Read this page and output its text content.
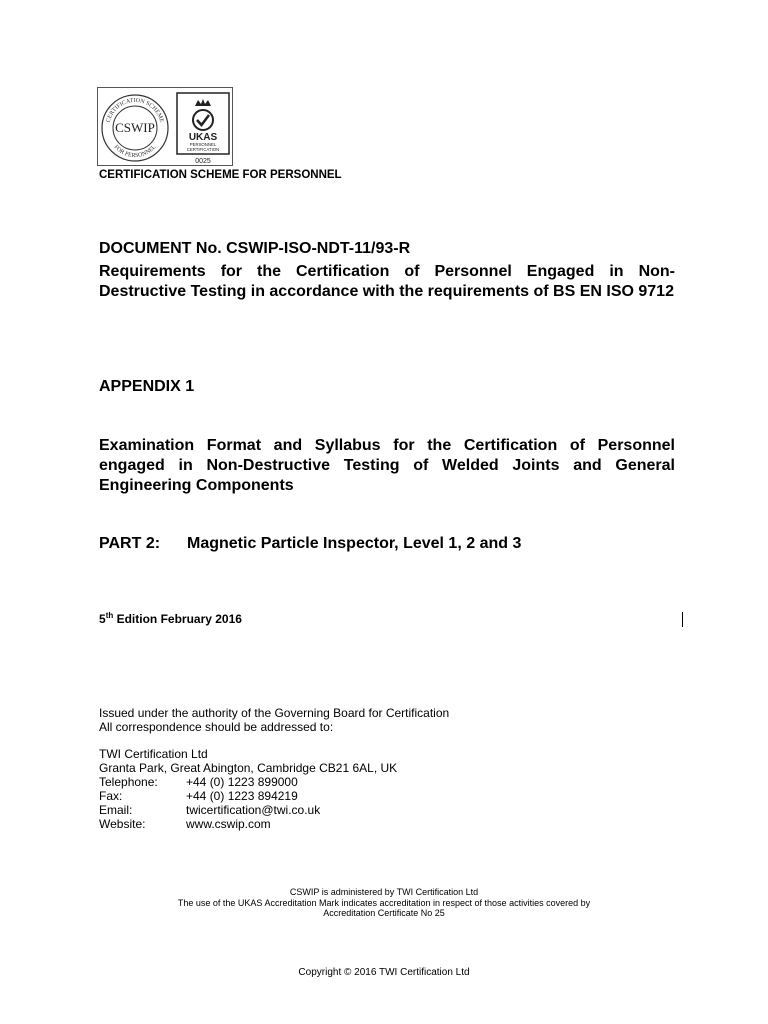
CERTIFICATION SCHEME
FOR PERSONNEL
CSWIP
UKAS
PERSONNEL
CERTIFICATION
0025
CERTIFICATION SCHEME FOR PERSONNEL
DOCUMENT No. CSWIP-ISO-NDT-11/93-R
Requirements for the Certification of Personnel Engaged in Non-Destructive Testing in accordance with the requirements of BS EN ISO 9712
APPENDIX 1
Examination Format and Syllabus for the Certification of Personnel engaged in Non-Destructive Testing of Welded Joints and General Engineering Components
PART 2: Magnetic Particle Inspector, Level 1, 2 and 3
5th Edition February 2016
Issued under the authority of the Governing Board for Certification
All correspondence should be addressed to:
TWI Certification Ltd
Granta Park, Great Abington, Cambridge CB21 6AL, UK
Telephone:	+44 (0) 1223 899000
Fax:	+44 (0) 1223 894219
Email:	twicertification@twi.co.uk
Website:	www.cswip.com
CSWIP is administered by TWI Certification Ltd
The use of the UKAS Accreditation Mark indicates accreditation in respect of those activities covered by
Accreditation Certificate No 25
Copyright © 2016 TWI Certification Ltd
